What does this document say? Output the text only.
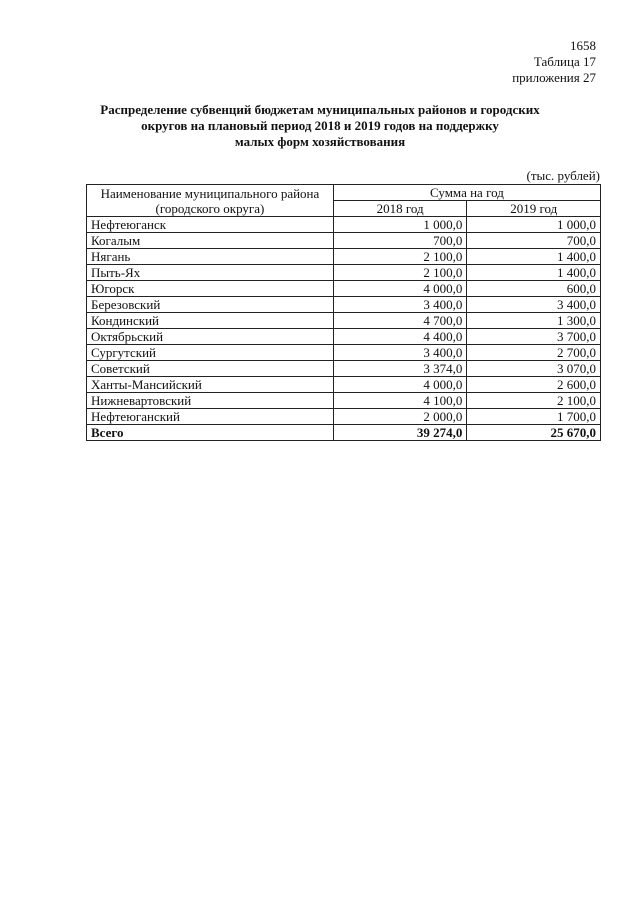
1658
Таблица 17
приложения 27
Распределение субвенций бюджетам муниципальных районов и городских
округов на плановый период 2018 и 2019 годов на поддержку
малых форм хозяйствования
(тыс. рублей)
Наименование муниципального района
(городского округа)	Сумма на год	
	2018 год	2019 год
Нефтеюганск	1 000,0	1 000,0
Когалым	700,0	700,0
Нягань	2 100,0	1 400,0
Пыть-Ях	2 100,0	1 400,0
Югорск	4 000,0	600,0
Березовский	3 400,0	3 400,0
Кондинский	4 700,0	1 300,0
Октябрьский	4 400,0	3 700,0
Сургутский	3 400,0	2 700,0
Советский	3 374,0	3 070,0
Ханты-Мансийский	4 000,0	2 600,0
Нижневартовский	4 100,0	2 100,0
Нефтеюганский	2 000,0	1 700,0
Всего	39 274,0	25 670,0
